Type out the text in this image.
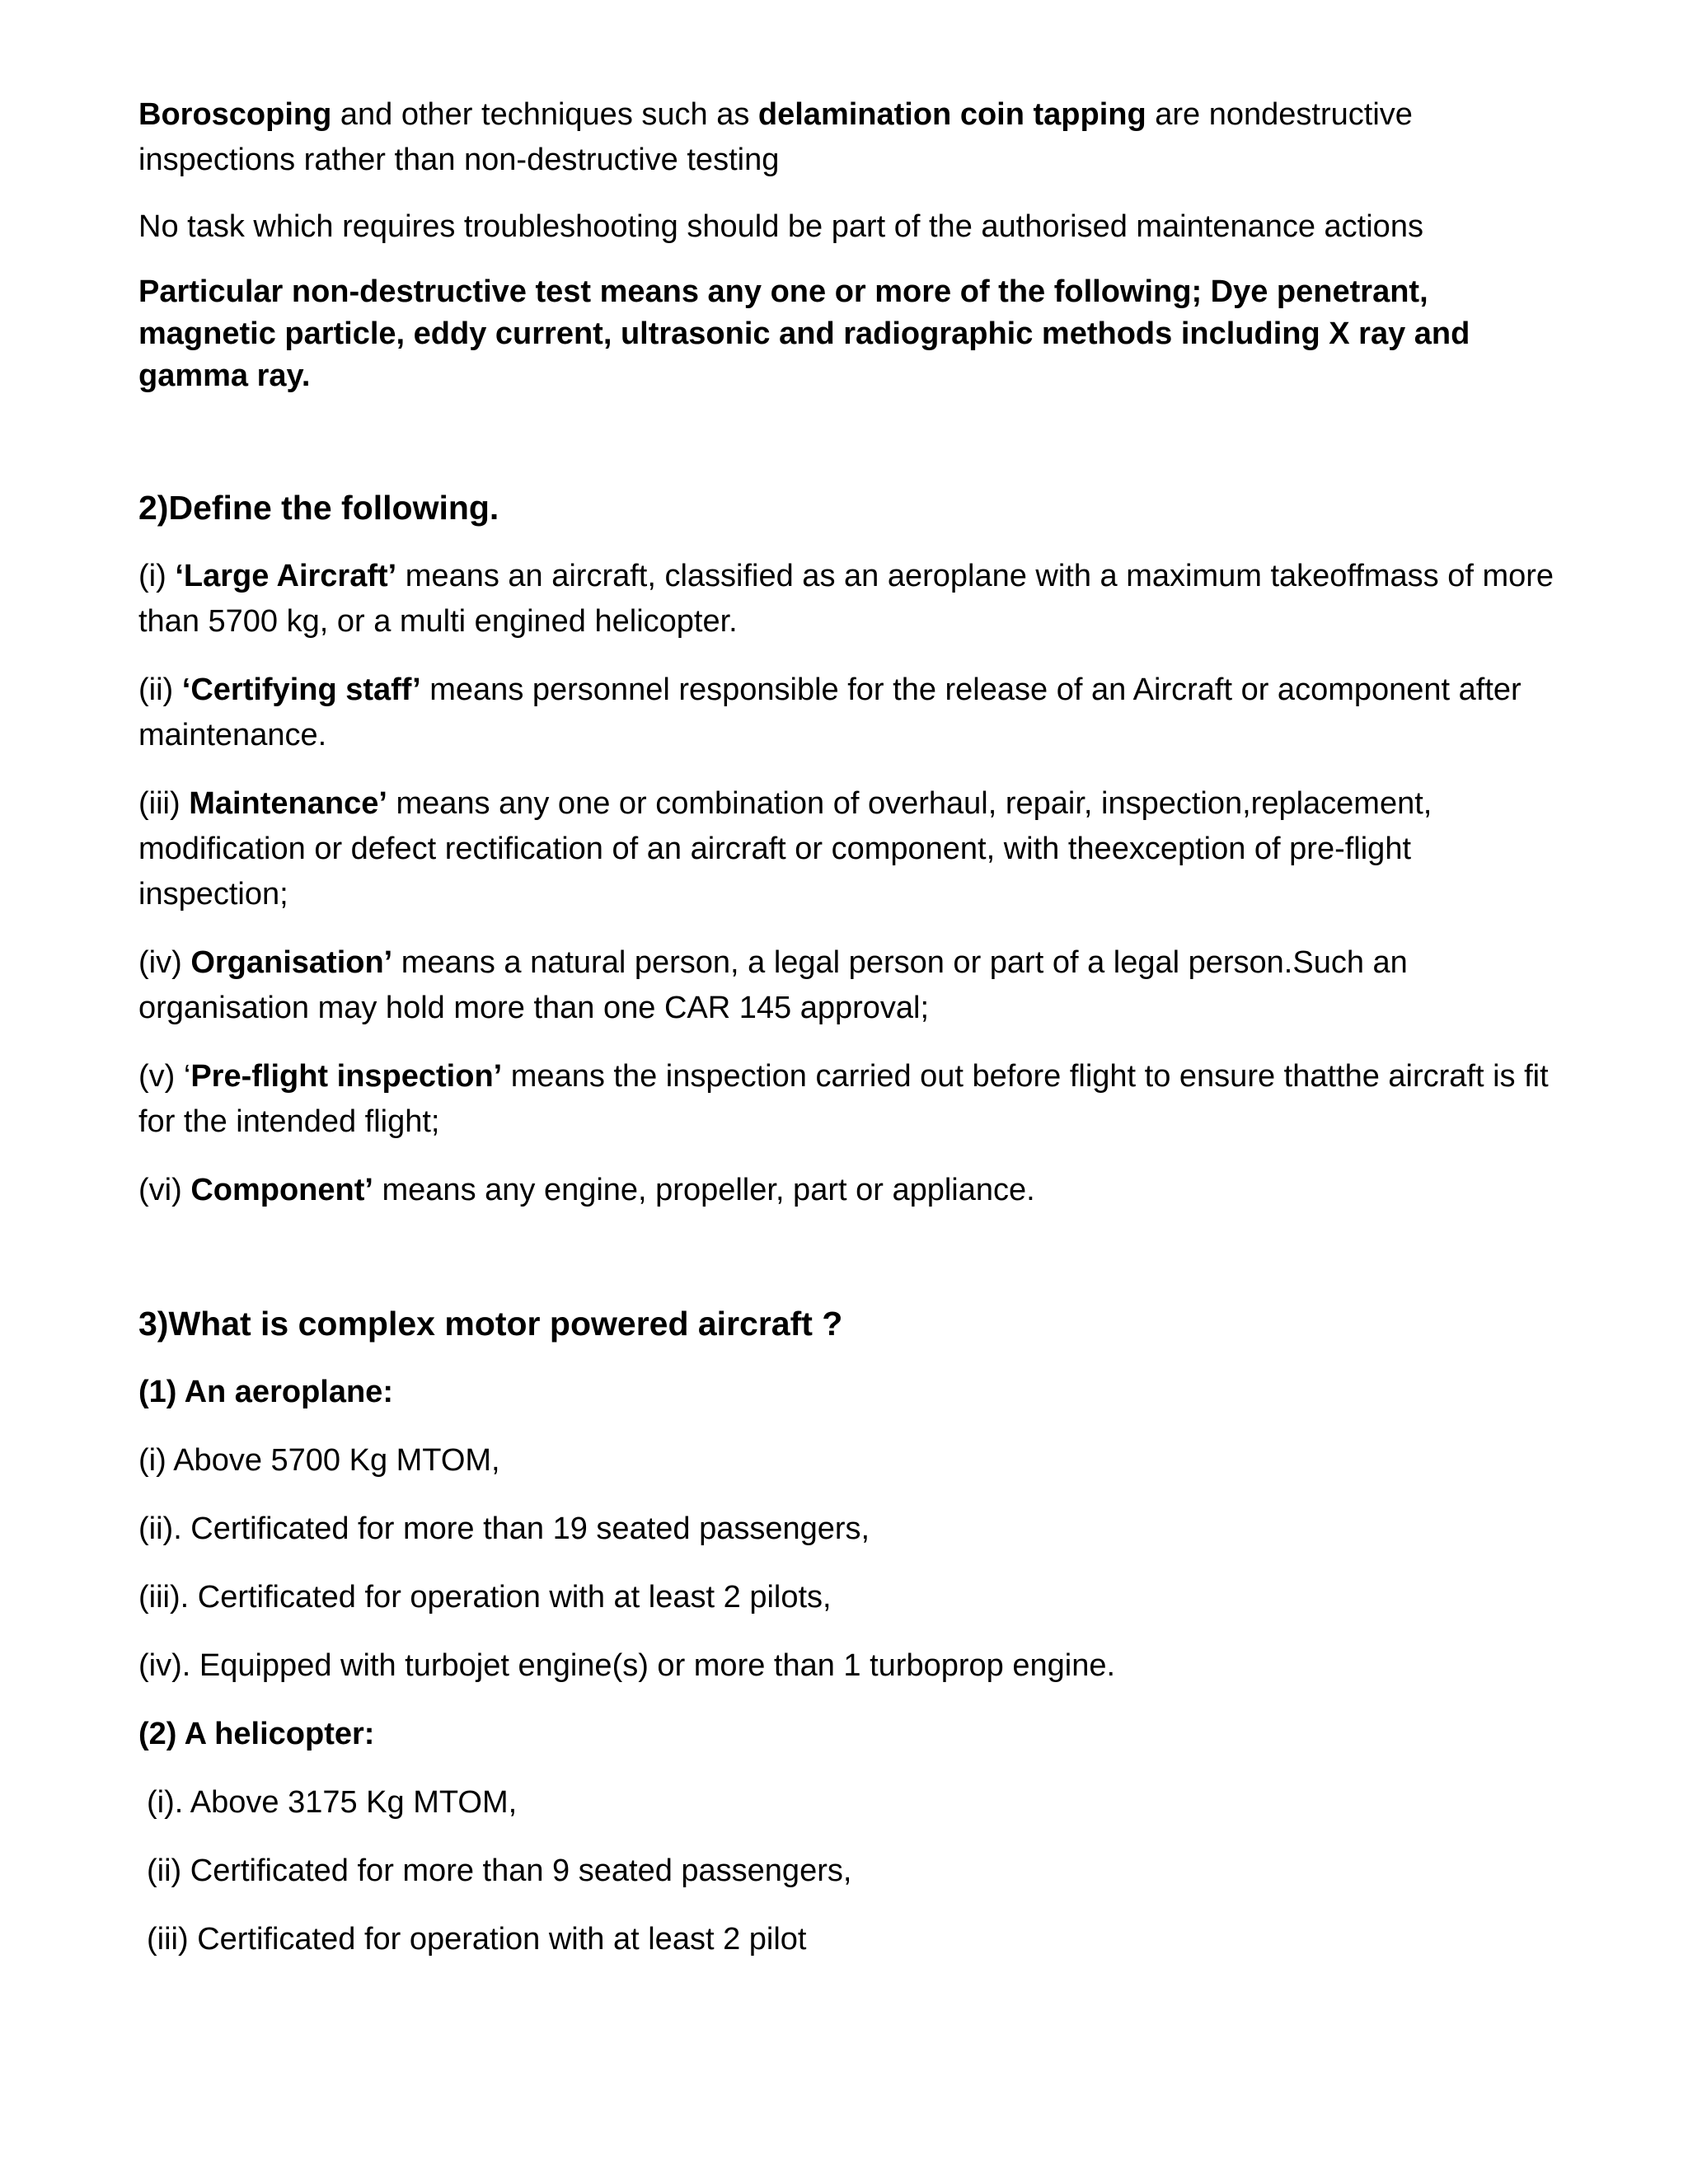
Boroscoping and other techniques such as delamination coin tapping are nondestructive inspections rather than non-destructive testing

No task which requires troubleshooting should be part of the authorised maintenance actions

Particular non-destructive test means any one or more of the following; Dye penetrant, magnetic particle, eddy current, ultrasonic and radiographic methods including X ray and gamma ray.

2)Define the following.

(i) ‘Large Aircraft’ means an aircraft, classified as an aeroplane with a maximum takeoffmass of more than 5700 kg, or a multi engined helicopter.

(ii) ‘Certifying staff’ means personnel responsible for the release of an Aircraft or acomponent after maintenance.

(iii) Maintenance’ means any one or combination of overhaul, repair, inspection,replacement, modification or defect rectification of an aircraft or component, with theexception of pre-flight inspection;

(iv) Organisation’ means a natural person, a legal person or part of a legal person.Such an organisation may hold more than one CAR 145 approval;

(v) ‘Pre-flight inspection’ means the inspection carried out before flight to ensure thatthe aircraft is fit for the intended flight;

(vi) Component’ means any engine, propeller, part or appliance.

3)What is complex motor powered aircraft ?

(1) An aeroplane:

(i) Above 5700 Kg MTOM,

(ii). Certificated for more than 19 seated passengers,

(iii). Certificated for operation with at least 2 pilots,

(iv). Equipped with turbojet engine(s) or more than 1 turboprop engine.

(2) A helicopter:

(i). Above 3175 Kg MTOM,

(ii) Certificated for more than 9 seated passengers,

(iii) Certificated for operation with at least 2 pilot
